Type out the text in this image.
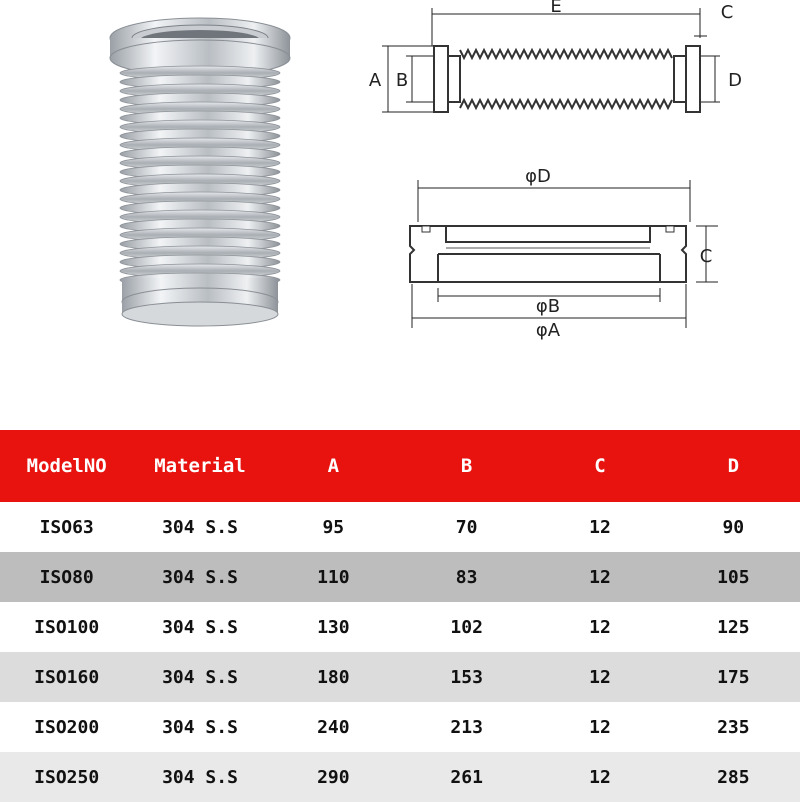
E	C
A B	D
φD
C
φB
φA
ModelNO	Material	A	B	C	D
ISO63	304 S.S	95	70	12	90
ISO80	304 S.S	110	83	12	105
ISO100	304 S.S	130	102	12	125
ISO160	304 S.S	180	153	12	175
ISO200	304 S.S	240	213	12	235
ISO250	304 S.S	290	261	12	285
